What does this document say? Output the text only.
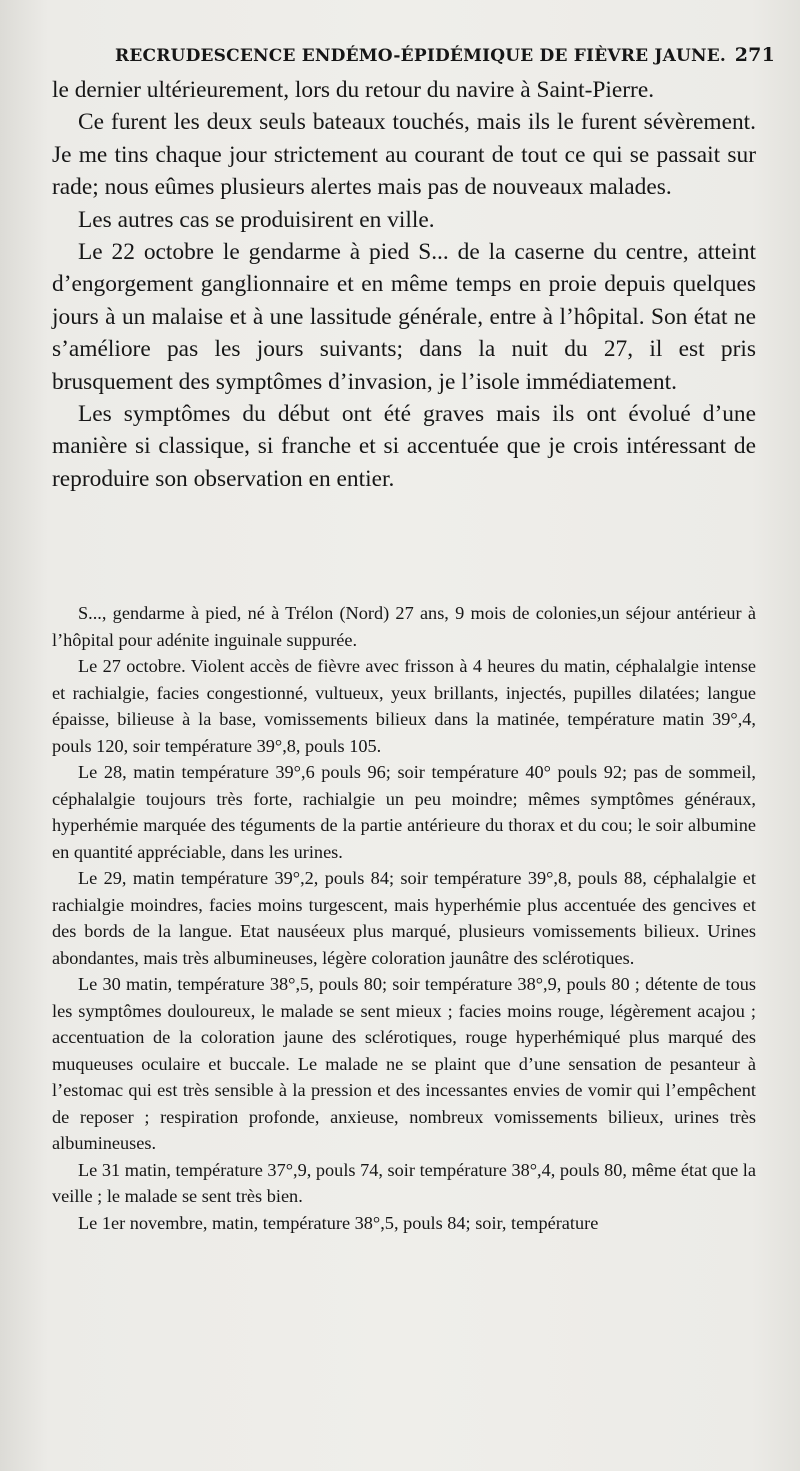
RECRUDESCENCE ENDÉMO-ÉPIDÉMIQUE DE FIÈVRE JAUNE. 271

le dernier ultérieurement, lors du retour du navire à Saint-Pierre.

Ce furent les deux seuls bateaux touchés, mais ils le furent sévèrement. Je me tins chaque jour strictement au courant de tout ce qui se passait sur rade; nous eûmes plusieurs alertes mais pas de nouveaux malades.

Les autres cas se produisirent en ville.

Le 22 octobre le gendarme à pied S... de la caserne du centre, atteint d’engorgement ganglionnaire et en même temps en proie depuis quelques jours à un malaise et à une lassitude générale, entre à l’hôpital. Son état ne s’améliore pas les jours suivants; dans la nuit du 27, il est pris brusquement des symptômes d’invasion, je l’isole immédiatement.

Les symptômes du début ont été graves mais ils ont évolué d’une manière si classique, si franche et si accentuée que je crois intéressant de reproduire son observation en entier.

S..., gendarme à pied, né à Trélon (Nord) 27 ans, 9 mois de colonies,un séjour antérieur à l’hôpital pour adénite inguinale suppurée.

Le 27 octobre. Violent accès de fièvre avec frisson à 4 heures du matin, céphalalgie intense et rachialgie, facies congestionné, vultueux, yeux brillants, injectés, pupilles dilatées; langue épaisse, bilieuse à la base, vomissements bilieux dans la matinée, température matin 39°,4, pouls 120, soir température 39°,8, pouls 105.

Le 28, matin température 39°,6 pouls 96; soir température 40° pouls 92; pas de sommeil, céphalalgie toujours très forte, rachialgie un peu moindre; mêmes symptômes généraux, hyperhémie marquée des téguments de la partie antérieure du thorax et du cou; le soir albumine en quantité appréciable, dans les urines.

Le 29, matin température 39°,2, pouls 84; soir température 39°,8, pouls 88, céphalalgie et rachialgie moindres, facies moins turgescent, mais hyperhémie plus accentuée des gencives et des bords de la langue. Etat nauséeux plus marqué, plusieurs vomissements bilieux. Urines abondantes, mais très albumineuses, légère coloration jaunâtre des sclérotiques.

Le 30 matin, température 38°,5, pouls 80; soir température 38°,9, pouls 80 ; détente de tous les symptômes douloureux, le malade se sent mieux ; facies moins rouge, légèrement acajou ; accentuation de la coloration jaune des sclérotiques, rouge hyperhémiqué plus marqué des muqueuses oculaire et buccale. Le malade ne se plaint que d’une sensation de pesanteur à l’estomac qui est très sensible à la pression et des incessantes envies de vomir qui l’empêchent de reposer ; respiration profonde, anxieuse, nombreux vomissements bilieux, urines très albumineuses.

Le 31 matin, température 37°,9, pouls 74, soir température 38°,4, pouls 80, même état que la veille ; le malade se sent très bien.

Le 1er novembre, matin, température 38°,5, pouls 84; soir, température
